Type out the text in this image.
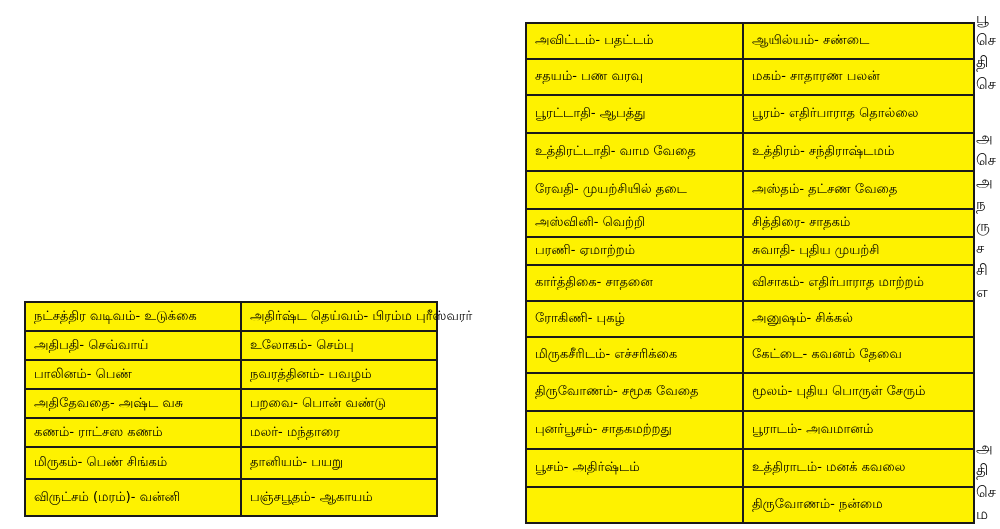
நட்சத்திர வடிவம்- உடுக்கை	அதிர்ஷ்ட தெய்வம்- பிரம்ம புரீஸ்வரர்
அதிபதி- செவ்வாய்	உலோகம்- செம்பு
பாலினம்- பெண்	நவரத்தினம்- பவழம்
அதிதேவதை- அஷ்ட வசு	பறவை- பொன் வண்டு
கணம்- ராட்சஸ கணம்	மலர்- மந்தாரை
மிருகம்- பெண் சிங்கம்	தானியம்- பயறு
விருட்சம் (மரம்)- வன்னி	பஞ்சபூதம்- ஆகாயம்
அவிட்டம்- பதட்டம்	ஆயில்யம்- சண்டை
சதயம்- பண வரவு	மகம்- சாதாரண பலன்
பூரட்டாதி- ஆபத்து	பூரம்- எதிர்பாராத தொல்லை
உத்திரட்டாதி- வாம வேதை	உத்திரம்- சந்திராஷ்டமம்
ரேவதி- முயற்சியில் தடை	அஸ்தம்- தட்சண வேதை
அஸ்வினி- வெற்றி	சித்திரை- சாதகம்
பரணி- ஏமாற்றம்	சுவாதி- புதிய முயற்சி
கார்த்திகை- சாதனை	விசாகம்- எதிர்பாராத மாற்றம்
ரோகிணி- புகழ்	அனுஷம்- சிக்கல்
மிருகசீரிடம்- எச்சரிக்கை	கேட்டை- கவனம் தேவை
திருவோணம்- சமூக வேதை	மூலம்- புதிய பொருள் சேரும்
புனர்பூசம்- சாதகமற்றது	பூராடம்- அவமானம்
பூசம்- அதிர்ஷ்டம்	உத்திராடம்- மனக் கவலை
	திருவோணம்- நன்மை
பூ
செ
தி
செ
அ
செ
அ
ந
ரு
ச
சி
எ
அ
தி
செ
ம
